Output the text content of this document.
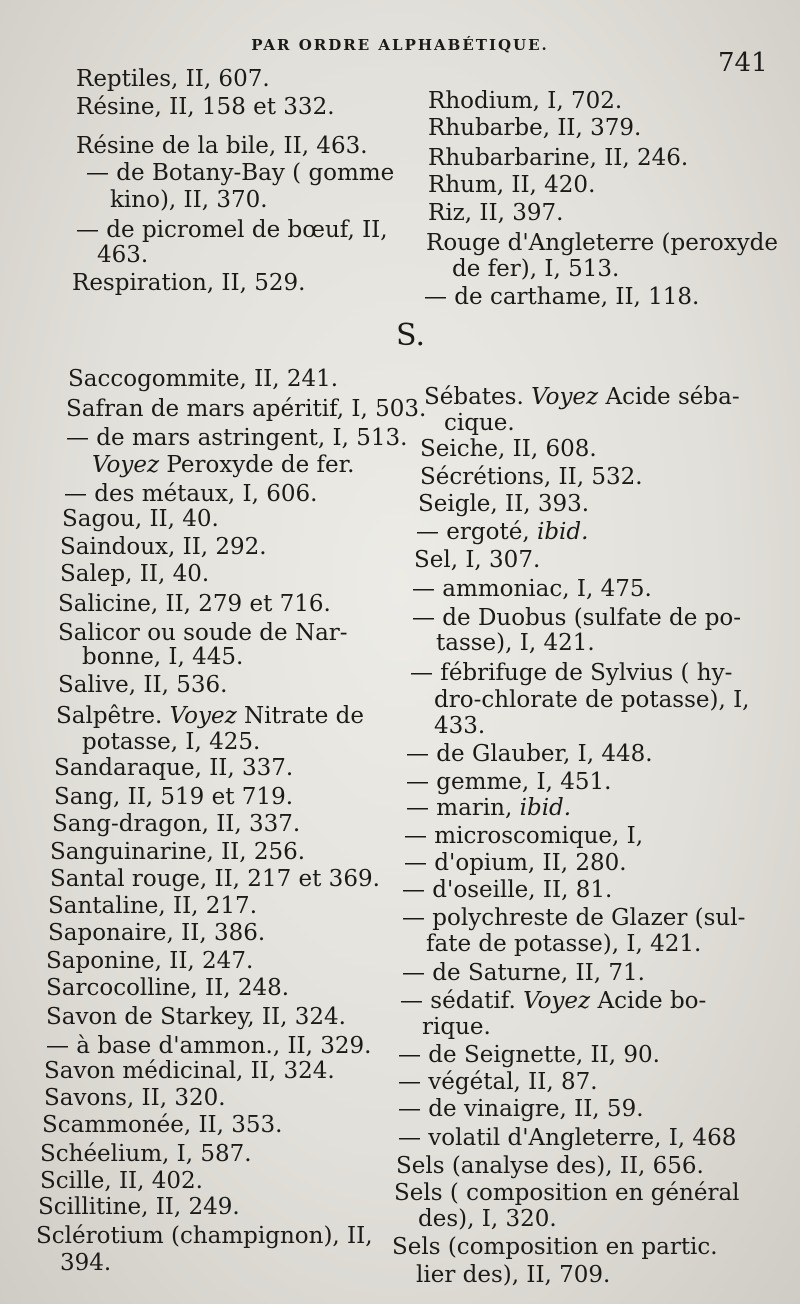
PAR ORDRE ALPHABÉTIQUE.
741
Reptiles, II, 607.
Résine, II, 158 et 332.
Résine de la bile, II, 463.
— de Botany-Bay ( gomme
kino), II, 370.
— de picromel de bœuf, II,
463.
Respiration, II, 529.
Rhodium, I, 702.
Rhubarbe, II, 379.
Rhubarbarine, II, 246.
Rhum, II, 420.
Riz, II, 397.
Rouge d'Angleterre (peroxyde
de fer), I, 513.
— de carthame, II, 118.
S.
Saccogommite, II, 241.
Safran de mars apéritif, I, 503.
— de mars astringent, I, 513.
Voyez Peroxyde de fer.
— des métaux, I, 606.
Sagou, II, 40.
Saindoux, II, 292.
Salep, II, 40.
Salicine, II, 279 et 716.
Salicor ou soude de Nar-
bonne, I, 445.
Salive, II, 536.
Salpêtre. Voyez Nitrate de
potasse, I, 425.
Sandaraque, II, 337.
Sang, II, 519 et 719.
Sang-dragon, II, 337.
Sanguinarine, II, 256.
Santal rouge, II, 217 et 369.
Santaline, II, 217.
Saponaire, II, 386.
Saponine, II, 247.
Sarcocolline, II, 248.
Savon de Starkey, II, 324.
— à base d'ammon., II, 329.
Savon médicinal, II, 324.
Savons, II, 320.
Scammonée, II, 353.
Schéelium, I, 587.
Scille, II, 402.
Scillitine, II, 249.
Sclérotium (champignon), II,
394.
Sébates. Voyez Acide séba-
cique.
Seiche, II, 608.
Sécrétions, II, 532.
Seigle, II, 393.
— ergoté, ibid.
Sel, I, 307.
— ammoniac, I, 475.
— de Duobus (sulfate de po-
tasse), I, 421.
— fébrifuge de Sylvius ( hy-
dro-chlorate de potasse), I,
433.
— de Glauber, I, 448.
— gemme, I, 451.
— marin, ibid.
— microscomique, I,
— d'opium, II, 280.
— d'oseille, II, 81.
— polychreste de Glazer (sul-
fate de potasse), I, 421.
— de Saturne, II, 71.
— sédatif. Voyez Acide bo-
rique.
— de Seignette, II, 90.
— végétal, II, 87.
— de vinaigre, II, 59.
— volatil d'Angleterre, I, 468
Sels (analyse des), II, 656.
Sels ( composition en général
des), I, 320.
Sels (composition en partic.
lier des), II, 709.
